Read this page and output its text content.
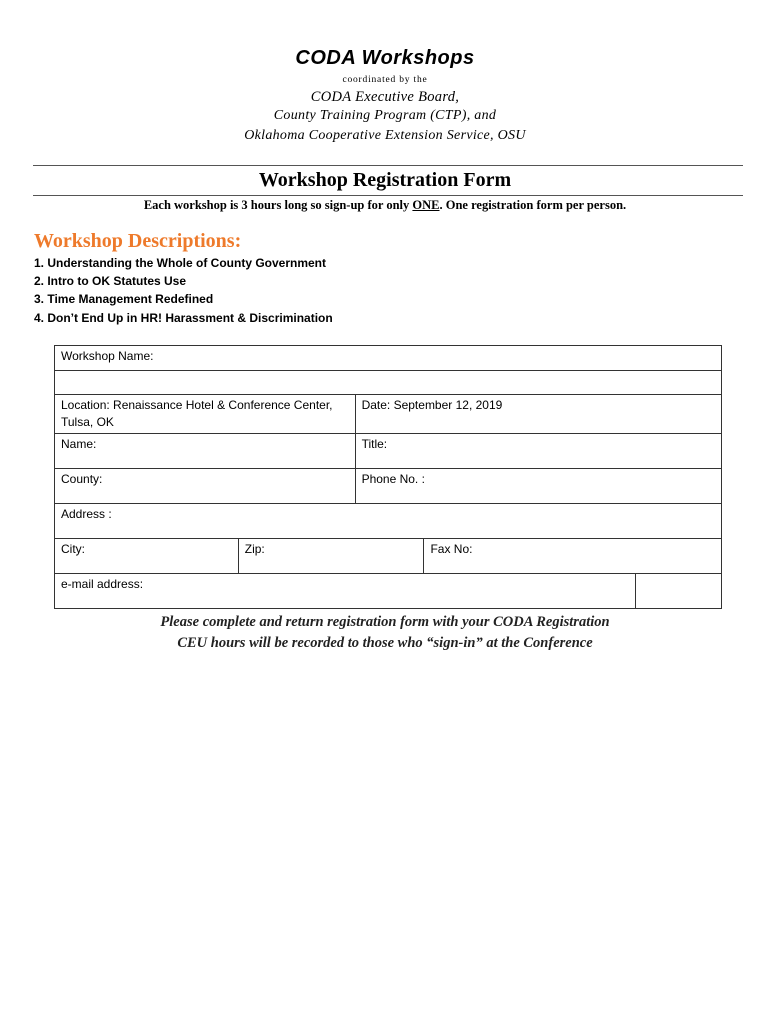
CODA Workshops
coordinated by the
CODA Executive Board,
County Training Program (CTP), and
Oklahoma Cooperative Extension Service, OSU
Workshop Registration Form
Each workshop is 3 hours long so sign-up for only ONE. One registration form per person.
Workshop Descriptions:
1. Understanding the Whole of County Government
2. Intro to OK Statutes Use
3. Time Management Redefined
4. Don’t End Up in HR! Harassment & Discrimination
Workshop Name:				

Location: Renaissance Hotel & Conference Center, Tulsa, OK		Date: September 12, 2019		
Name:		Title:		
County:		Phone No. :		
Address :				
City:	Zip:		Fax No:	
e-mail address:				
Please complete and return registration form with your CODA Registration
CEU hours will be recorded to those who “sign-in” at the Conference
